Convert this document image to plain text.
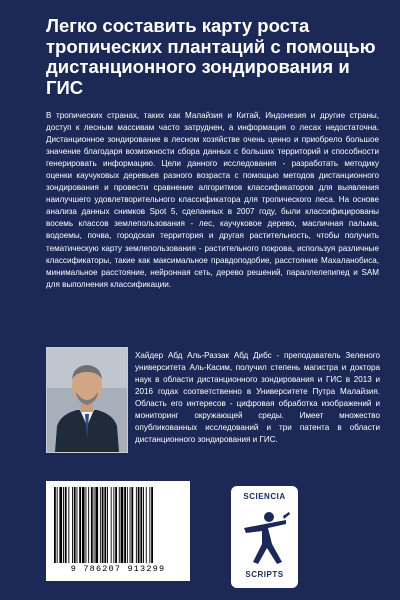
Легко составить карту роста тропических плантаций с помощью дистанционного зондирования и ГИС

В тропических странах, таких как Малайзия и Китай, Индонезия и другие страны, доступ к лесным массивам часто затруднен, а информация о лесах недостаточна. Дистанционное зондирование в лесном хозяйстве очень ценно и приобрело большое значение благодаря возможности сбора данных с больших территорий и способности генерировать информацию. Цели данного исследования - разработать методику оценки каучуковых деревьев разного возраста с помощью методов дистанционного зондирования и провести сравнение алгоритмов классификаторов для выявления наилучшего удовлетворительного классификатора для тропического леса. На основе анализа данных снимков Spot 5, сделанных в 2007 году, были классифицированы восемь классов землепользования - лес, каучуковое дерево, масличная пальма, водоемы, почва, городская территория и другая растительность, чтобы получить тематическую карту землепользования - растительного покрова, используя различные классификаторы, такие как максимальное правдоподобие, расстояние Махаланобиса, минимальное расстояние, нейронная сеть, дерево решений, параллелепипед и SAM для выполнения классификации.

Хайдер Абд Аль-Раззак Абд Дибс - преподаватель Зеленого университета Аль-Касим, получил степень магистра и доктора наук в области дистанционного зондирования и ГИС в 2013 и 2016 годах соответственно в Университете Путра Малайзия. Область его интересов - цифровая обработка изображений и мониторинг окружающей среды. Имеет множество опубликованных исследований и три патента в области дистанционного зондирования и ГИС.

9 786207 913299
SCIENCIA
SCRIPTS
